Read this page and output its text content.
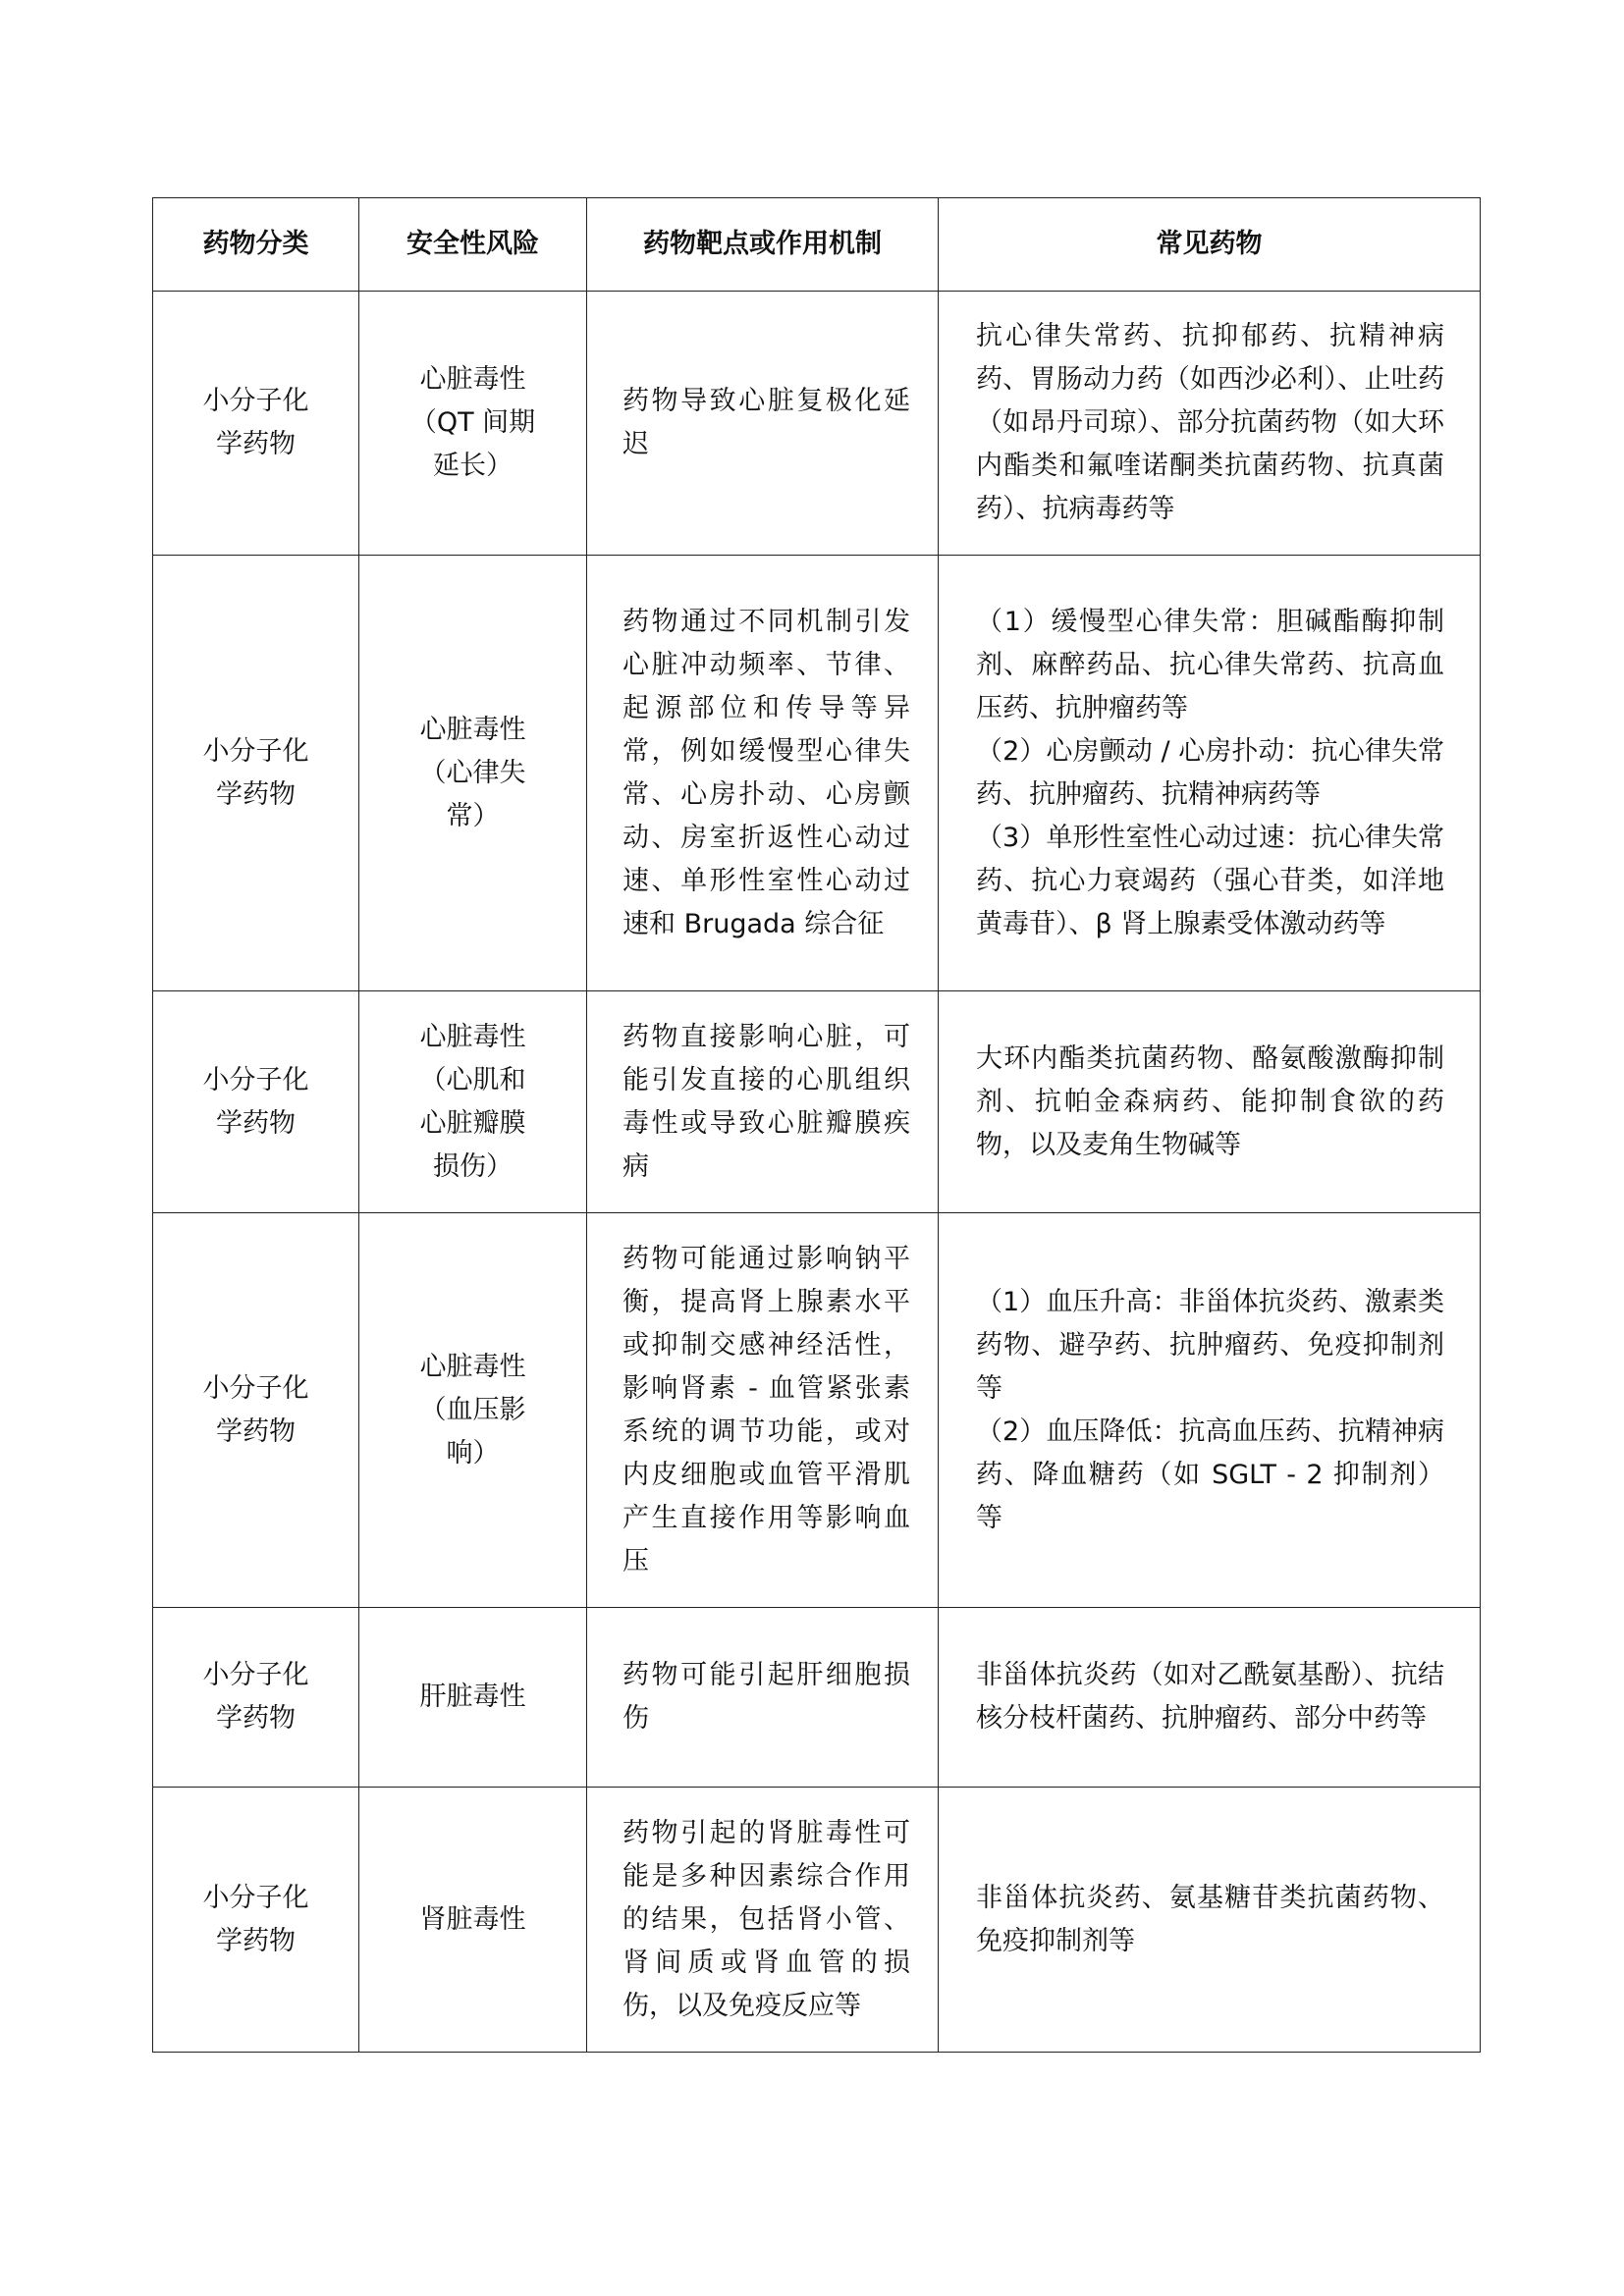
药物分类	安全性风险	药物靶点或作用机制	常见药物

小分子化学药物	心脏毒性（QT 间期延长）	药物导致心脏复极化延迟	抗心律失常药、抗抑郁药、抗精神病药、胃肠动力药（如西沙必利）、止吐药（如昂丹司琼）、部分抗菌药物（如大环内酯类和氟喹诺酮类抗菌药物、抗真菌药）、抗病毒药等

小分子化学药物	心脏毒性（心律失常）	药物通过不同机制引发心脏冲动频率、节律、起源部位和传导等异常，例如缓慢型心律失常、心房扑动、心房颤动、房室折返性心动过速、单形性室性心动过速和 Brugada 综合征	（1）缓慢型心律失常：胆碱酯酶抑制剂、麻醉药品、抗心律失常药、抗高血压药、抗肿瘤药等
（2）心房颤动 / 心房扑动：抗心律失常药、抗肿瘤药、抗精神病药等
（3）单形性室性心动过速：抗心律失常药、抗心力衰竭药（强心苷类，如洋地黄毒苷）、β 肾上腺素受体激动药等

小分子化学药物	心脏毒性（心肌和心脏瓣膜损伤）	药物直接影响心脏，可能引发直接的心肌组织毒性或导致心脏瓣膜疾病	大环内酯类抗菌药物、酪氨酸激酶抑制剂、抗帕金森病药、能抑制食欲的药物，以及麦角生物碱等

小分子化学药物	心脏毒性（血压影响）	药物可能通过影响钠平衡，提高肾上腺素水平或抑制交感神经活性，影响肾素 - 血管紧张素系统的调节功能，或对内皮细胞或血管平滑肌产生直接作用等影响血压	（1）血压升高：非甾体抗炎药、激素类药物、避孕药、抗肿瘤药、免疫抑制剂等
（2）血压降低：抗高血压药、抗精神病药、降血糖药（如 SGLT - 2 抑制剂）等

小分子化学药物	肝脏毒性	药物可能引起肝细胞损伤	非甾体抗炎药（如对乙酰氨基酚）、抗结核分枝杆菌药、抗肿瘤药、部分中药等

小分子化学药物	肾脏毒性	药物引起的肾脏毒性可能是多种因素综合作用的结果，包括肾小管、肾间质或肾血管的损伤，以及免疫反应等	非甾体抗炎药、氨基糖苷类抗菌药物、免疫抑制剂等
